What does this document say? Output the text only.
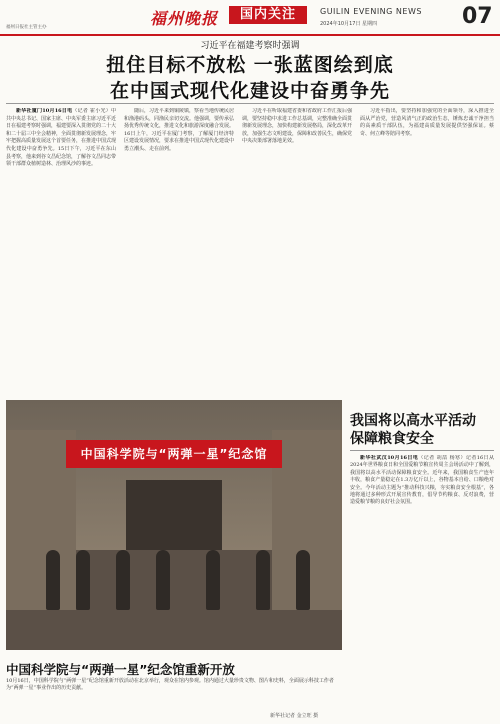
福州日报社主管主办	福州晚报	国内关注	GUILIN EVENING NEWS
2024年10月17日 星期四	07
习近平在福建考察时强调
扭住目标不放松 一张蓝图绘到底
在中国式现代化建设中奋勇争先

新华社厦门10月16日电（记者 霍小光）中共中央总书记、国家主席、中央军委主席习近平近日在福建考察时强调，福建要深入贯彻党的二十大和二十届三中全会精神，全面贯彻新发展理念，牢牢把握高质量发展这个首要任务，在推进中国式现代化建设中奋勇争先。15日下午，习近平在东山县考察，他来到谷文昌纪念馆，了解谷文昌同志带领干部群众植树造林、治理风沙的事迹。

随后，习近平来到铜陵镇，察看当地传统民居和渔港码头，同渔民亲切交流。他强调，要传承弘扬优秀传统文化，推进文化和旅游深度融合发展。16日上午，习近平在厦门考察，了解厦门经济特区建设发展情况，要求在推进中国式现代化建设中勇立潮头、走在前列。

习近平在听取福建省委和省政府工作汇报后强调，要坚持稳中求进工作总基调，完整准确全面贯彻新发展理念，加快构建新发展格局，深化改革开放，加强生态文明建设，保障和改善民生，确保党中央决策部署落地见效。

习近平指出，要坚持和加强党的全面领导，深入推进全面从严治党，营造风清气正的政治生态，锤炼忠诚干净担当的高素质干部队伍，为福建高质量发展提供坚强保证。蔡奇、何立峰等陪同考察。

中国科学院与“两弹一星”纪念馆
中国科学院与“两弹一星”纪念馆重新开放
10月16日，中国科学院与“两弹一星”纪念馆重新开放活动在北京举行，观众在馆内参观。馆内通过大量珍贵文物、图片和史料，全面展示科技工作者为“两弹一星”事业作出的历史贡献。
新华社记者 金立旺 摄
我国将以高水平活动
保障粮食安全

新华社武汉10月16日电（记者 胡喆 杨寒）记者16日从2024年世界粮食日和全国爱粮节粮宣传周主会场活动中了解到，我国将以高水平活动保障粮食安全。近年来，我国粮食生产连年丰收，粮食产量稳定在1.3万亿斤以上，谷物基本自给、口粮绝对安全。今年活动主题为“推动科技兴粮，夯实粮食安全根基”，各地将通过多种形式开展宣传教育，倡导节约粮食、反对浪费，营造爱粮节粮的良好社会氛围。
